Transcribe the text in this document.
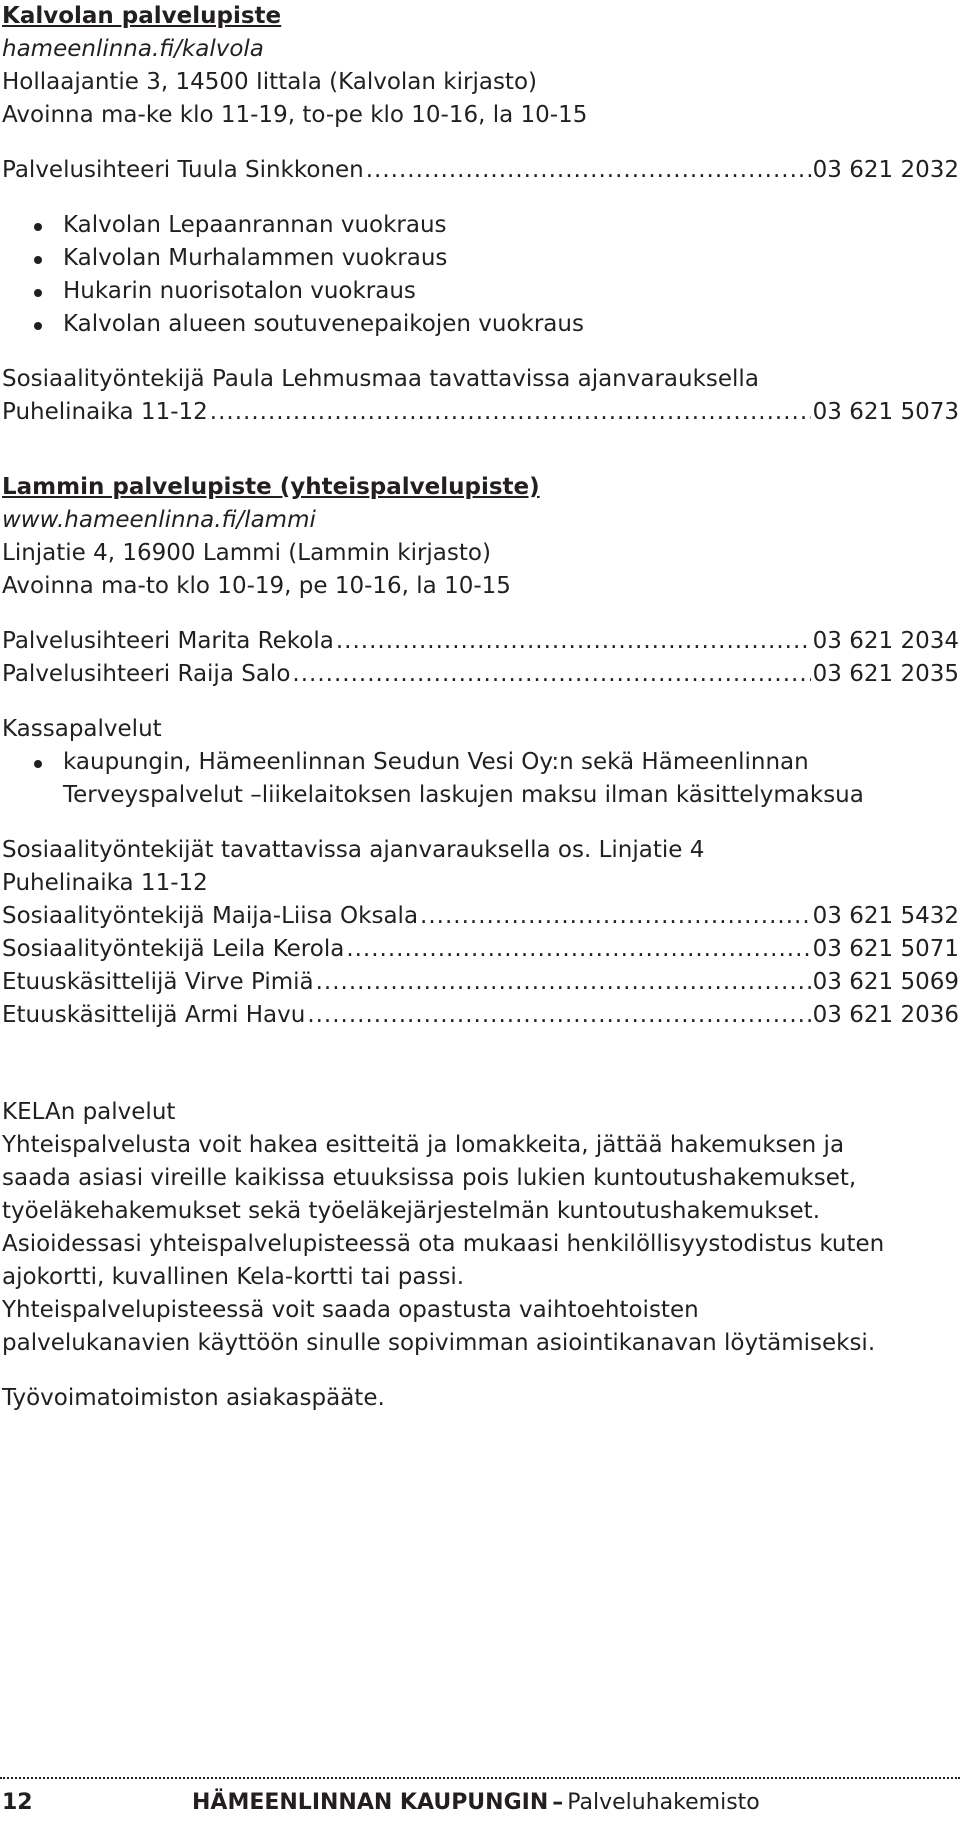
Kalvolan palvelupiste
hameenlinna.fi/kalvola
Hollaajantie 3, 14500 Iittala (Kalvolan kirjasto)
Avoinna ma-ke klo 11-19, to-pe klo 10-16, la 10-15
Palvelusihteeri Tuula Sinkkonen .....	03 621 2032
Kalvolan Lepaanrannan vuokraus
Kalvolan Murhalammen vuokraus
Hukarin nuorisotalon vuokraus
Kalvolan alueen soutuvenepaikojen vuokraus
Sosiaalityöntekijä Paula Lehmusmaa tavattavissa ajanvarauksella
Puhelinaika 11-12 .....	03 621 5073
Lammin palvelupiste (yhteispalvelupiste)
www.hameenlinna.fi/lammi
Linjatie 4, 16900 Lammi (Lammin kirjasto)
Avoinna ma-to klo 10-19, pe 10-16, la 10-15
Palvelusihteeri Marita Rekola .....	03 621 2034
Palvelusihteeri Raija Salo .....	03 621 2035
Kassapalvelut
kaupungin, Hämeenlinnan Seudun Vesi Oy:n sekä Hämeenlinnan
Terveyspalvelut –liikelaitoksen laskujen maksu ilman käsittelymaksua
Sosiaalityöntekijät tavattavissa ajanvarauksella os. Linjatie 4
Puhelinaika 11-12
Sosiaalityöntekijä Maija-Liisa Oksala .....	03 621 5432
Sosiaalityöntekijä Leila Kerola .....	03 621 5071
Etuuskäsittelijä Virve Pimiä .....	03 621 5069
Etuuskäsittelijä Armi Havu .....	03 621 2036
KELAn palvelut
Yhteispalvelusta voit hakea esitteitä ja lomakkeita, jättää hakemuksen ja
saada asiasi vireille kaikissa etuuksissa pois lukien kuntoutushakemukset,
työeläkehakemukset sekä työeläkejärjestelmän kuntoutushakemukset.
Asioidessasi yhteispalvelupisteessä ota mukaasi henkilöllisyystodistus kuten
ajokortti, kuvallinen Kela-kortti tai passi.
Yhteispalvelupisteessä voit saada opastusta vaihtoehtoisten
palvelukanavien käyttöön sinulle sopivimman asiointikanavan löytämiseksi.
Työvoimatoimiston asiakaspääte.
12	HÄMEENLINNAN KAUPUNGIN – Palveluhakemisto
